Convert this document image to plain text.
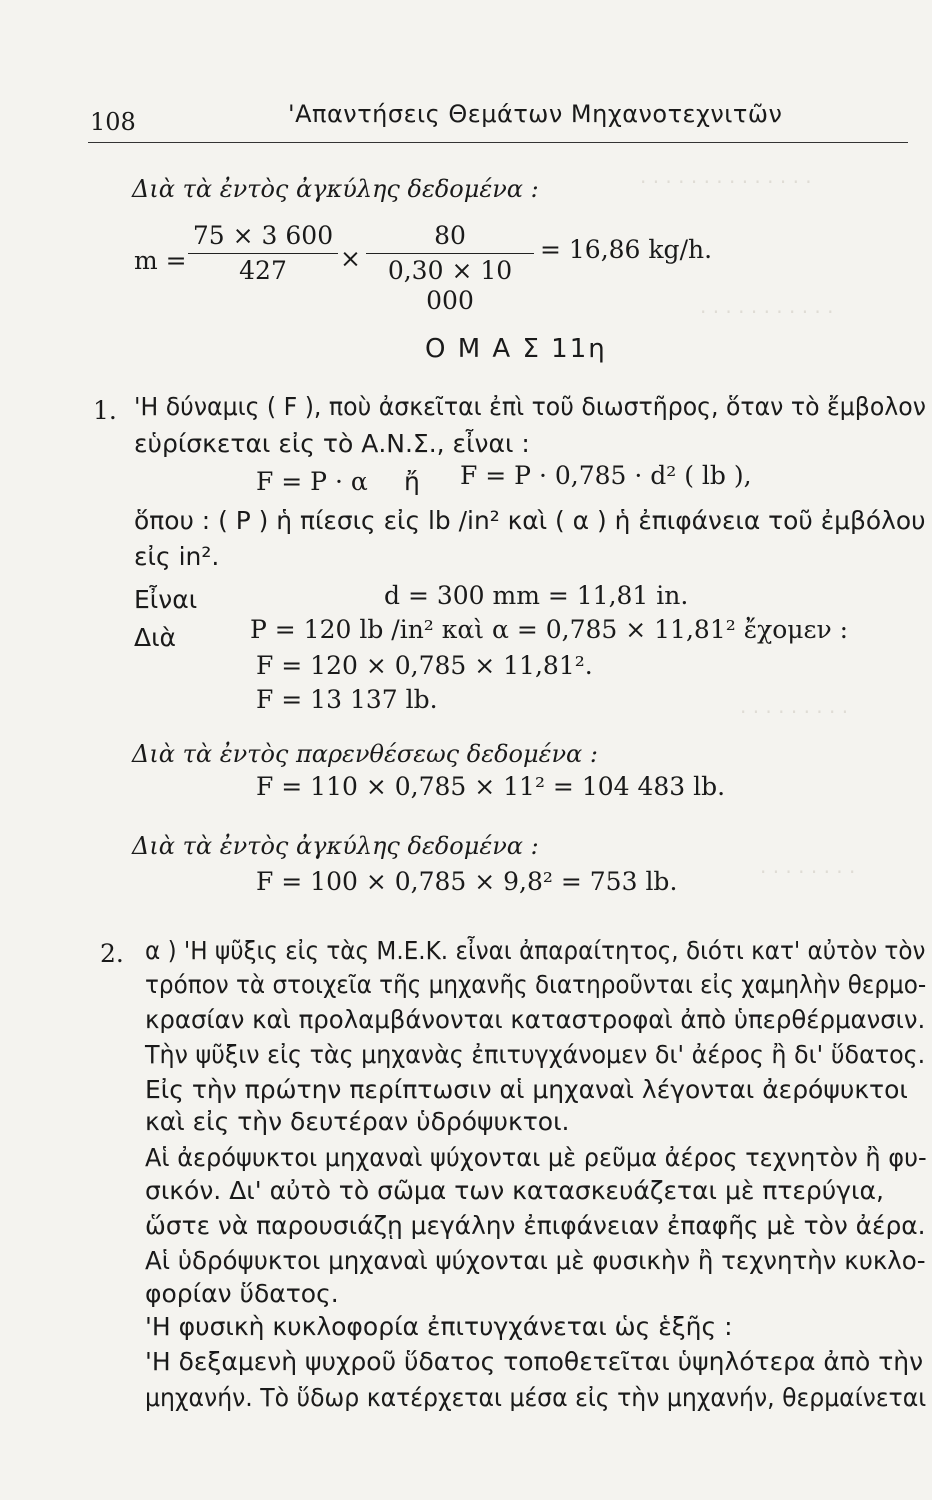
· · · · · · · · · · · · · ·
· · · · · · · · · · ·
· · · · · · · · ·
· · · · · · · ·
108	'Απαντήσεις Θεμάτων Μηχανοτεχνιτῶν
Διὰ τὰ ἐντὸς ἀγκύλης δεδομένα :
m =
75 × 3 600
427	×
80
0,30 × 10 000
= 16,86 kg/h.
Ο Μ Α Σ 11η
1. 'Η δύναμις ( F ), ποὺ ἀσκεῖται ἐπὶ τοῦ διωστῆρος, ὅταν τὸ ἔμβολον
εὑρίσκεται εἰς τὸ Α.Ν.Σ., εἶναι :
F = P · α ἤ F = P · 0,785 · d² ( lb ),
ὅπου : ( P ) ἡ πίεσις εἰς lb /in² καὶ ( α ) ἡ ἐπιφάνεια τοῦ ἐμβόλου
εἰς in².
Εἶναι	d = 300 mm = 11,81 in.
Διὰ	P = 120 lb /in² καὶ α = 0,785 × 11,81² ἔχομεν :
F = 120 × 0,785 × 11,81².
F = 13 137 lb.
Διὰ τὰ ἐντὸς παρενθέσεως δεδομένα :
F = 110 × 0,785 × 11² = 104 483 lb.
Διὰ τὰ ἐντὸς ἀγκύλης δεδομένα :
F = 100 × 0,785 × 9,8² = 753 lb.
2. α ) 'Η ψῦξις εἰς τὰς Μ.Ε.Κ. εἶναι ἀπαραίτητος, διότι κατ' αὐτὸν τὸν
τρόπον τὰ στοιχεῖα τῆς μηχανῆς διατηροῦνται εἰς χαμηλὴν θερμο-
κρασίαν καὶ προλαμβάνονται καταστροφαὶ ἀπὸ ὑπερθέρμανσιν.
Τὴν ψῦξιν εἰς τὰς μηχανὰς ἐπιτυγχάνομεν δι' ἀέρος ἢ δι' ὕδατος.
Εἰς τὴν πρώτην περίπτωσιν αἱ μηχαναὶ λέγονται ἀερόψυκτοι
καὶ εἰς τὴν δευτέραν ὑδρόψυκτοι.
Αἱ ἀερόψυκτοι μηχαναὶ ψύχονται μὲ ρεῦμα ἀέρος τεχνητὸν ἢ φυ-
σικόν. Δι' αὐτὸ τὸ σῶμα των κατασκευάζεται μὲ πτερύγια,
ὥστε νὰ παρουσιάζῃ μεγάλην ἐπιφάνειαν ἐπαφῆς μὲ τὸν ἀέρα.
Αἱ ὑδρόψυκτοι μηχαναὶ ψύχονται μὲ φυσικὴν ἢ τεχνητὴν κυκλο-
φορίαν ὕδατος.
'Η φυσικὴ κυκλοφορία ἐπιτυγχάνεται ὡς ἑξῆς :
'Η δεξαμενὴ ψυχροῦ ὕδατος τοποθετεῖται ὑψηλότερα ἀπὸ τὴν
μηχανήν. Τὸ ὕδωρ κατέρχεται μέσα εἰς τὴν μηχανήν, θερμαίνεται
